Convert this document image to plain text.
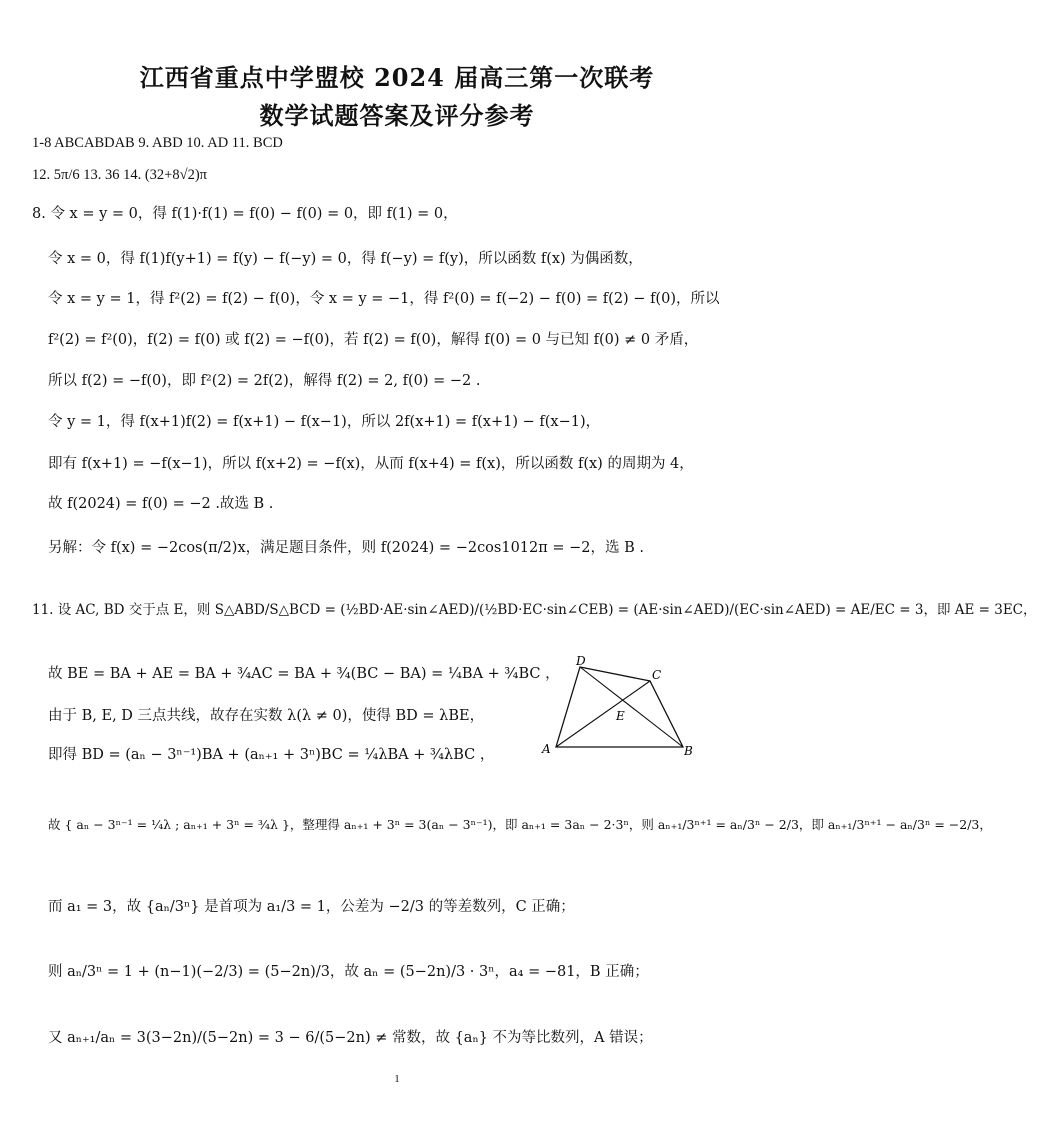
江西省重点中学盟校 2024 届高三第一次联考
数学试题答案及评分参考
1-8 ABCABDAB 9. ABD 10. AD 11. BCD
12. 5π/6 13. 36 14. (32+8√2)π
8. 令 x = y = 0，得 f(1)·f(1) = f(0) − f(0) = 0，即 f(1) = 0，
令 x = 0，得 f(1)f(y+1) = f(y) − f(−y) = 0，得 f(−y) = f(y)，所以函数 f(x) 为偶函数，
令 x = y = 1，得 f²(2) = f(2) − f(0)，令 x = y = −1，得 f²(0) = f(−2) − f(0) = f(2) − f(0)，所以
f²(2) = f²(0)，f(2) = f(0) 或 f(2) = −f(0)，若 f(2) = f(0)，解得 f(0) = 0 与已知 f(0) ≠ 0 矛盾，
所以 f(2) = −f(0)，即 f²(2) = 2f(2)，解得 f(2) = 2, f(0) = −2 .
令 y = 1，得 f(x+1)f(2) = f(x+1) − f(x−1)，所以 2f(x+1) = f(x+1) − f(x−1)，
即有 f(x+1) = −f(x−1)，所以 f(x+2) = −f(x)，从而 f(x+4) = f(x)，所以函数 f(x) 的周期为 4，
故 f(2024) = f(0) = −2 .故选 B .
另解：令 f(x) = −2cos(π/2)x，满足题目条件，则 f(2024) = −2cos1012π = −2，选 B .
11. 设 AC, BD 交于点 E，则 S△ABD/S△BCD = (½BD·AE·sin∠AED)/(½BD·EC·sin∠CEB) = (AE·sin∠AED)/(EC·sin∠AED) = AE/EC = 3，即 AE = 3EC，
故 BE = BA + AE = BA + ¾AC = BA + ¾(BC − BA) = ¼BA + ¾BC ，
由于 B, E, D 三点共线，故存在实数 λ(λ ≠ 0)，使得 BD = λBE，
即得 BD = (aₙ − 3ⁿ⁻¹)BA + (aₙ₊₁ + 3ⁿ)BC = ¼λBA + ¾λBC ，
故 { aₙ − 3ⁿ⁻¹ = ¼λ ; aₙ₊₁ + 3ⁿ = ¾λ }，整理得 aₙ₊₁ + 3ⁿ = 3(aₙ − 3ⁿ⁻¹)，即 aₙ₊₁ = 3aₙ − 2·3ⁿ，则 aₙ₊₁/3ⁿ⁺¹ = aₙ/3ⁿ − 2/3，即 aₙ₊₁/3ⁿ⁺¹ − aₙ/3ⁿ = −2/3，
而 a₁ = 3，故 {aₙ/3ⁿ} 是首项为 a₁/3 = 1，公差为 −2/3 的等差数列，C 正确；
则 aₙ/3ⁿ = 1 + (n−1)(−2/3) = (5−2n)/3，故 aₙ = (5−2n)/3 · 3ⁿ，a₄ = −81，B 正确；
又 aₙ₊₁/aₙ = 3(3−2n)/(5−2n) = 3 − 6/(5−2n) ≠ 常数，故 {aₙ} 不为等比数列，A 错误；
A	B
C
D
E
1
